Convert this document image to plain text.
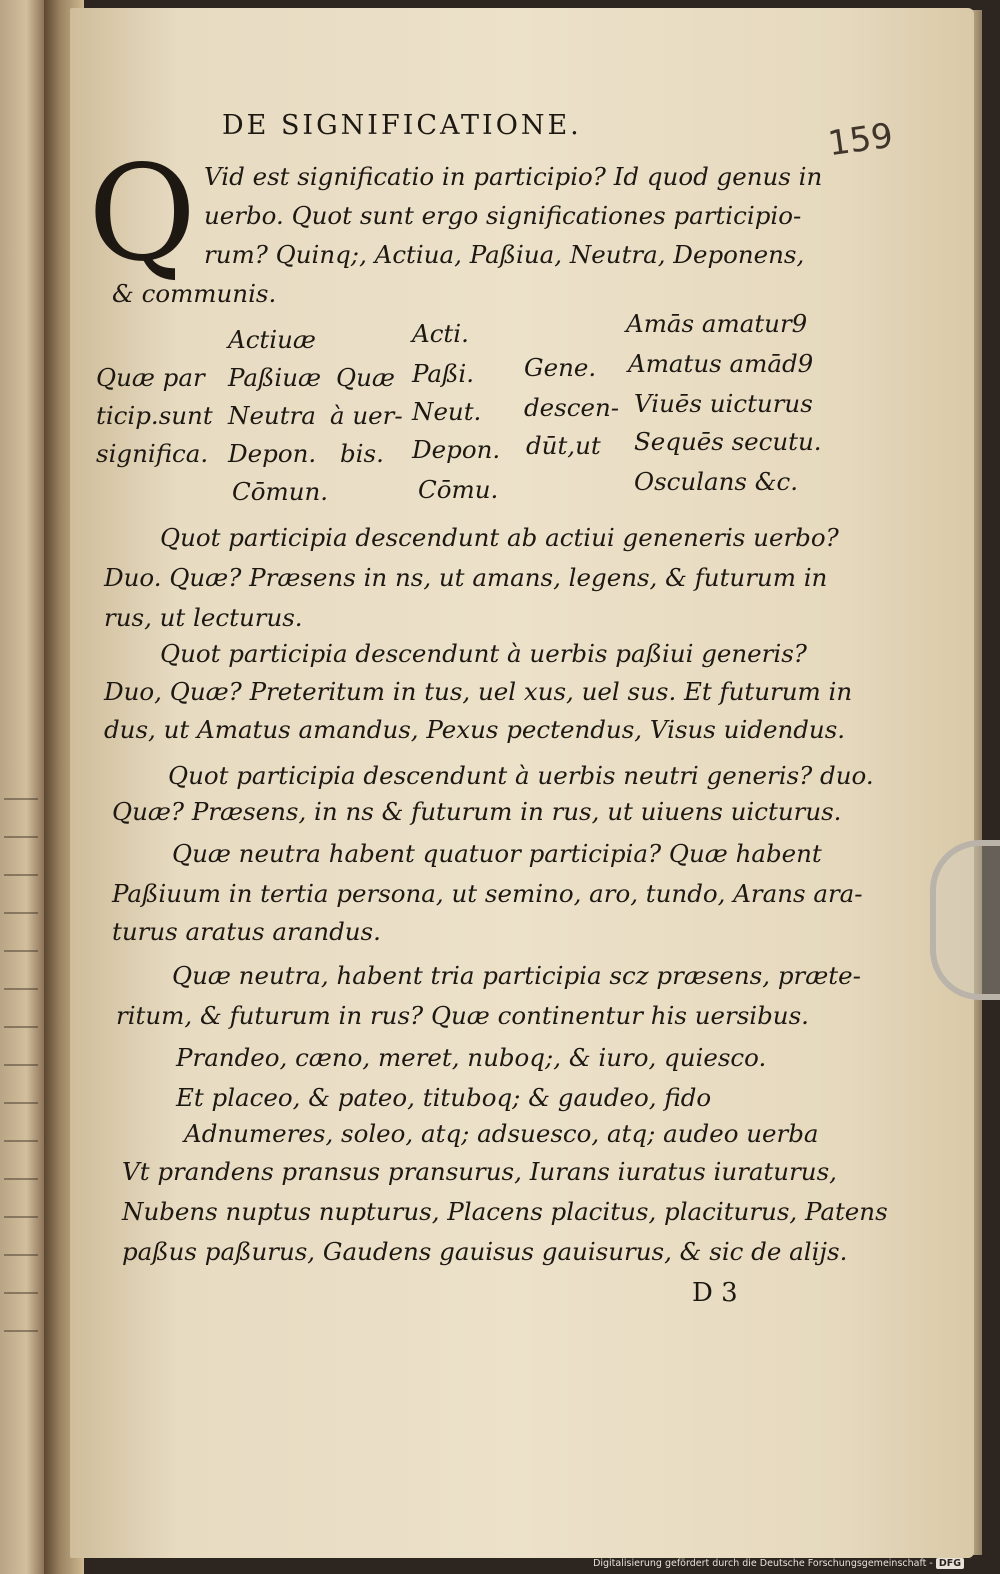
DE SIGNIFICATIONE.	159
Q Vid est significatio in participio? Id quod genus in
uerbo. Quot sunt ergo significationes participio-
rum? Quinq;, Actiua, Paßiua, Neutra, Deponens,
& communis.
Quæ par
ticip.sunt
significa.
Actiuæ
Paßiuæ
Neutra
Depon.
Cōmun.
Quæ
à uer-
bis.
Acti.
Paßi.
Neut.
Depon.
Cōmu.
Gene.
descen-
dūt,ut
Amās amatur9
Amatus amād9
Viuēs uicturus
Sequēs secutu.
Osculans &c.
Quot participia descendunt ab actiui geneneris uerbo?
Duo. Quæ? Præsens in ns, ut amans, legens, & futurum in
rus, ut lecturus.
Quot participia descendunt à uerbis paßiui generis?
Duo, Quæ? Preteritum in tus, uel xus, uel sus. Et futurum in
dus, ut Amatus amandus, Pexus pectendus, Visus uidendus.
Quot participia descendunt à uerbis neutri generis? duo.
Quæ? Præsens, in ns & futurum in rus, ut uiuens uicturus.
Quæ neutra habent quatuor participia? Quæ habent
Paßiuum in tertia persona, ut semino, aro, tundo, Arans ara-
turus aratus arandus.
Quæ neutra, habent tria participia scz præsens, præte-
ritum, & futurum in rus? Quæ continentur his uersibus.
Prandeo, cæno, meret, nuboq;, & iuro, quiesco.
Et placeo, & pateo, tituboq; & gaudeo, fido
Adnumeres, soleo, atq; adsuesco, atq; audeo uerba
Vt prandens pransus pransurus, Iurans iuratus iuraturus,
Nubens nuptus nupturus, Placens placitus, placiturus, Patens
paßus paßurus, Gaudens gauisus gauisurus, & sic de alijs.
D 3
Digitalisierung gefördert durch die Deutsche Forschungsgemeinschaft - DFG
